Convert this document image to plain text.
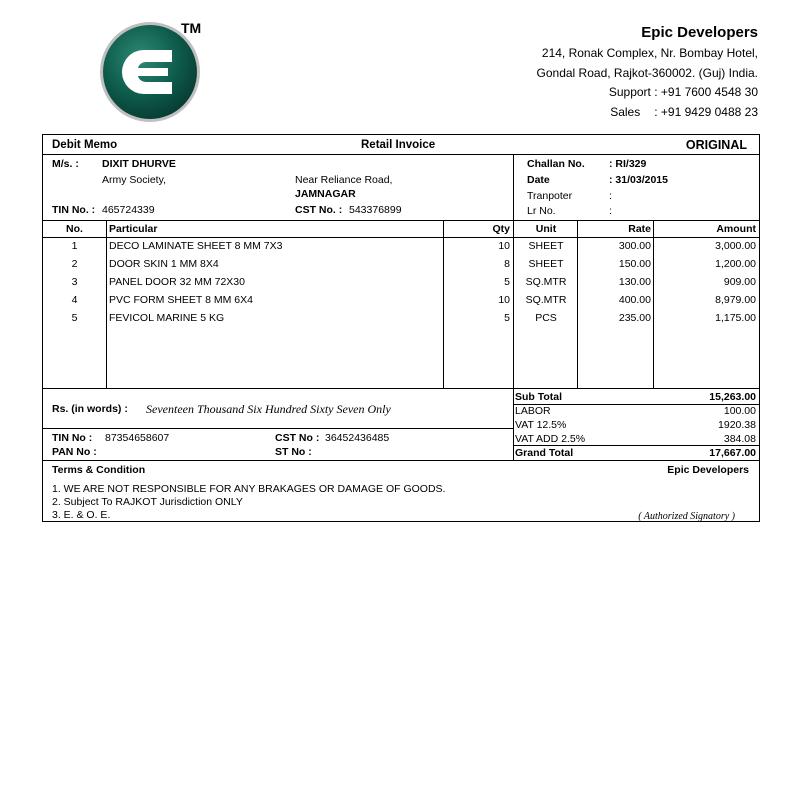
TM	Epic Developers
214, Ronak Complex, Nr. Bombay Hotel,
Gondal Road, Rajkot-360002. (Guj) India.
Support : +91 7600 4548 30
Sales : +91 9429 0488 23
Debit Memo	Retail Invoice	ORIGINAL
M/s. : DIXIT DHURVE
Army Society,	Near Reliance Road,
JAMNAGAR
TIN No. : 465724339	CST No. : 543376899
Challan No. : RI/329
Date	: 31/03/2015
Tranpoter	:
Lr No.	:
No.	Particular	Qty	Unit	Rate	Amount
1	DECO LAMINATE SHEET 8 MM 7X3	10	SHEET	300.00	3,000.00
2	DOOR SKIN 1 MM 8X4	8	SHEET	150.00	1,200.00
3	PANEL DOOR 32 MM 72X30	5	SQ.MTR	130.00	909.00
4	PVC FORM SHEET 8 MM 6X4	10	SQ.MTR	400.00	8,979.00
5	FEVICOL MARINE 5 KG	5	PCS	235.00	1,175.00
Rs. (in words) : Seventeen Thousand Six Hundred Sixty Seven Only
Sub Total	15,263.00
LABOR	100.00
VAT 12.5%	1920.38
VAT ADD 2.5%	384.08
Grand Total	17,667.00
TIN No : 87354658607	CST No : 36452436485
PAN No :	ST No :
Terms & Condition	Epic Developers
1. WE ARE NOT RESPONSIBLE FOR ANY BRAKAGES OR DAMAGE OF GOODS.
2. Subject To RAJKOT Jurisdiction ONLY
3. E. & O. E.	( Authorized Signatory )
